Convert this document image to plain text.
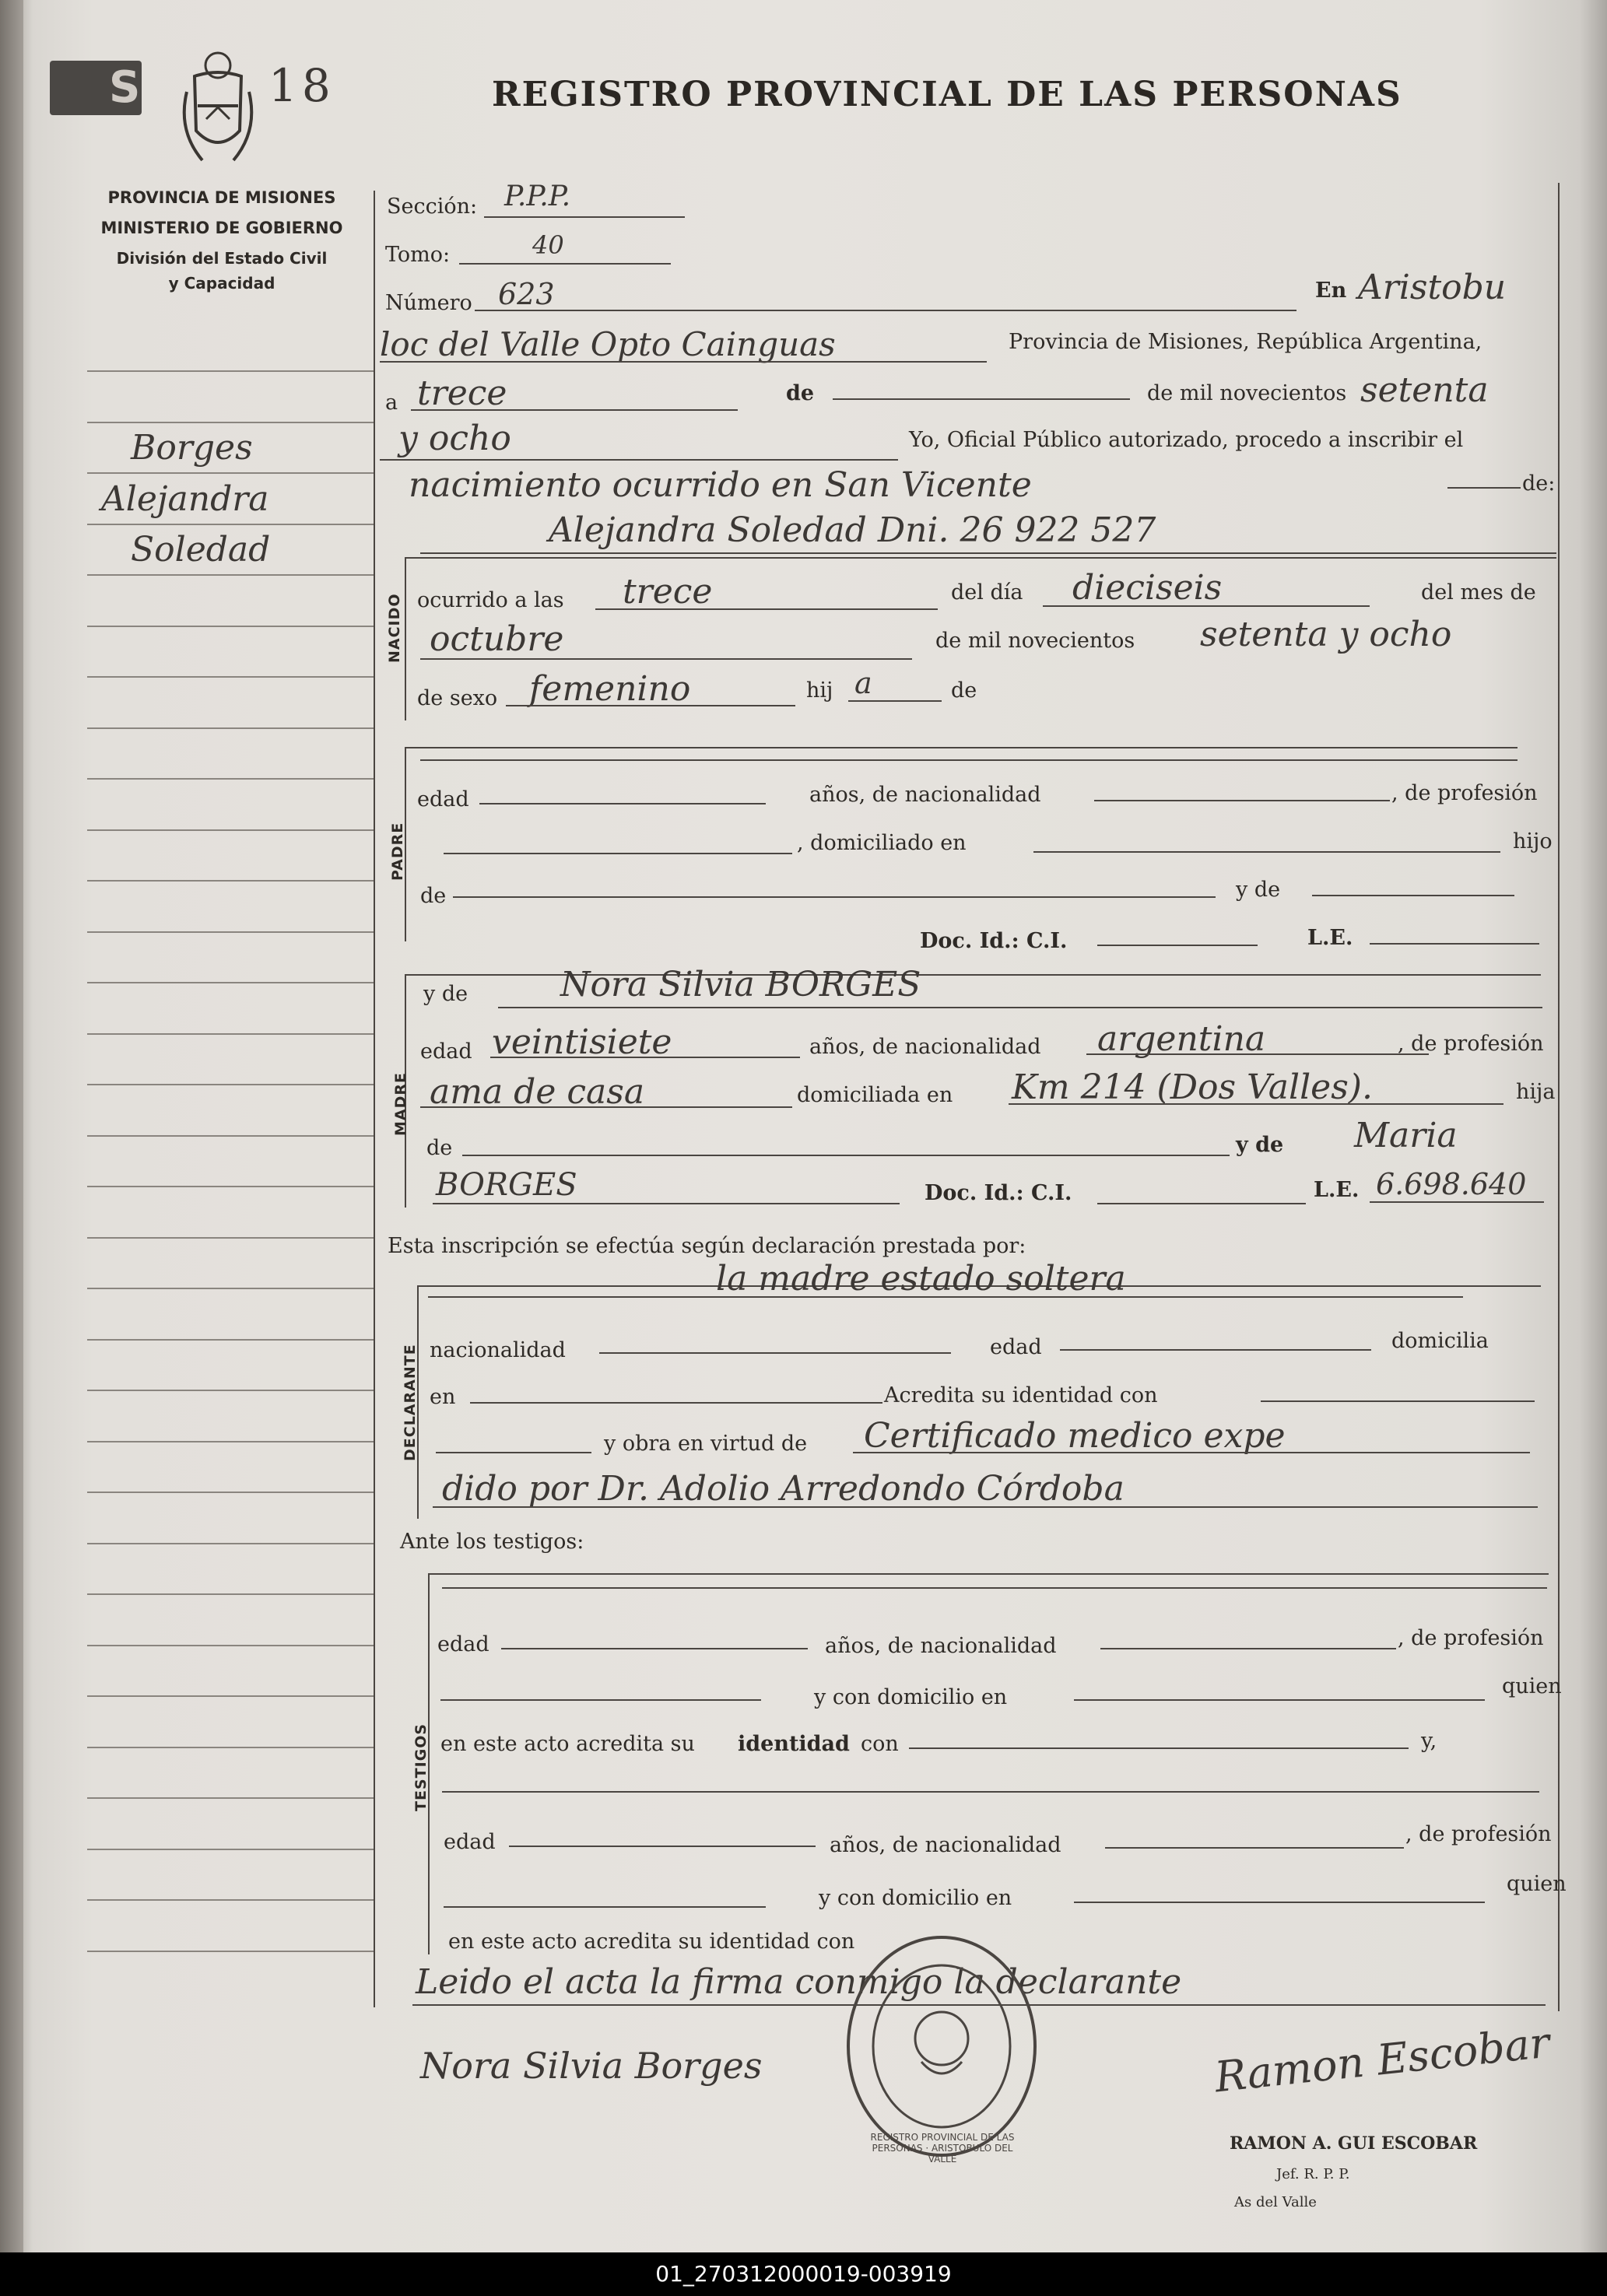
S	18	REGISTRO PROVINCIAL DE LAS PERSONAS
PROVINCIA DE MISIONES
MINISTERIO DE GOBIERNO
División del Estado Civil
y Capacidad
Borges
Alejandra
Soledad
Sección: P.P.P.
Tomo:	40
Número 623	En Aristobu
loc del Valle Opto Cainguas	Provincia de Misiones, República Argentina,
a trece	de	de mil novecientos setenta
y ocho	Yo, Oficial Público autorizado, procedo a inscribir el
nacimiento ocurrido en San Vicente	de:
Alejandra Soledad Dni. 26 922 527
NACIDO ocurrido a las trece	del día dieciseis	del mes de
octubre	de mil novecientos setenta y ocho
de sexo femenino	hij a	de
PADRE
edad	años, de nacionalidad	, de profesión
, domiciliado en	hijo
de	y de
Doc. Id.: C.I.	L.E.
MADRE
y de	Nora Silvia BORGES
edad veintisiete	años, de nacionalidad argentina	, de profesión
ama de casa	domiciliada en Km 214 (Dos Valles).	hija
de	y de Maria
BORGES	Doc. Id.: C.I.	L.E. 6.698.640
Esta inscripción se efectúa según declaración prestada por:
DECLARANTE
la madre estado soltera
nacionalidad	edad	domicilia
en	Acredita su identidad con
y obra en virtud de Certificado medico expe
dido por Dr. Adolio Arredondo Córdoba
Ante los testigos:
TESTIGOS
edad	años, de nacionalidad	, de profesión
y con domicilio en	quien
en este acto acredita su identidad con	y,
edad	años, de nacionalidad	, de profesión
y con domicilio en
quien
en este acto acredita su identidad con
Leido el acta la firma conmigo la declarante
REGISTRO PROVINCIAL DE LAS PERSONAS · ARISTOBULO DEL VALLE
Nora Silvia Borges	Ramon Escobar
RAMON A. GUI ESCOBAR
Jef. R. P. P.
As del Valle
01_270312000019-003919
